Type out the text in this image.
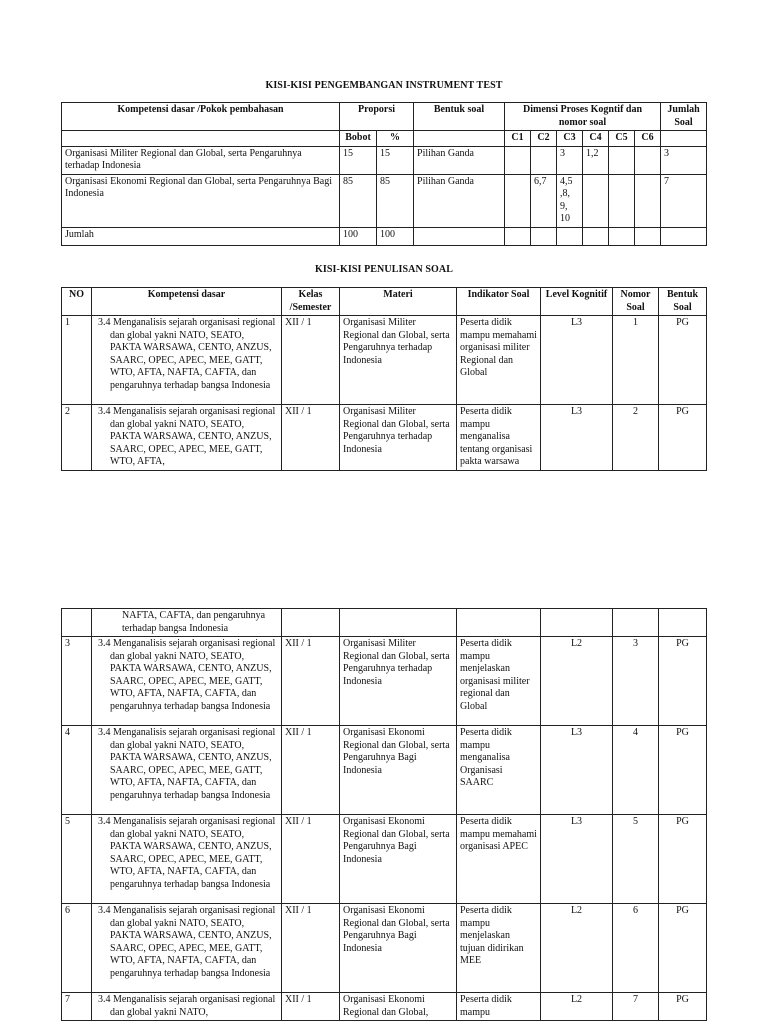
KISI-KISI PENGEMBANGAN INSTRUMENT TEST
Kompetensi dasar /Pokok pembahasan	Proporsi		Bentuk soal	Dimensi Proses Kogntif dan nomor soal						Jumlah Soal
	Bobot	%		C1	C2	C3	C4	C5	C6	
Organisasi Militer Regional dan Global, serta Pengaruhnya terhadap Indonesia	15	15	Pilihan Ganda			3	1,2			3
Organisasi Ekonomi Regional dan Global, serta Pengaruhnya Bagi Indonesia	85	85	Pilihan Ganda		6,7	4,5 ,8, 9, 10				7
Jumlah	100	100								
KISI-KISI PENULISAN SOAL
NO	Kompetensi dasar	Kelas /Semester	Materi	Indikator Soal	Level Kognitif	Nomor Soal	Bentuk Soal
1	3.4 Menganalisis sejarah organisasi regional dan global yakni NATO, SEATO, PAKTA WARSAWA, CENTO, ANZUS, SAARC, OPEC, APEC, MEE, GATT, WTO, AFTA, NAFTA, CAFTA, dan pengaruhnya terhadap bangsa Indonesia	XII / 1	Organisasi Militer Regional dan Global, serta Pengaruhnya terhadap Indonesia	Peserta didik mampu memahami organisasi militer Regional dan Global	L3	1	PG
2	3.4 Menganalisis sejarah organisasi regional dan global yakni NATO, SEATO, PAKTA WARSAWA, CENTO, ANZUS, SAARC, OPEC, APEC, MEE, GATT, WTO, AFTA,	XII / 1	Organisasi Militer Regional dan Global, serta Pengaruhnya terhadap Indonesia	Peserta didik mampu menganalisa tentang organisasi pakta warsawa	L3	2	PG
	NAFTA, CAFTA, dan pengaruhnya terhadap bangsa Indonesia						
3	3.4 Menganalisis sejarah organisasi regional dan global yakni NATO, SEATO, PAKTA WARSAWA, CENTO, ANZUS, SAARC, OPEC, APEC, MEE, GATT, WTO, AFTA, NAFTA, CAFTA, dan pengaruhnya terhadap bangsa Indonesia	XII / 1	Organisasi Militer Regional dan Global, serta Pengaruhnya terhadap Indonesia	Peserta didik mampu menjelaskan organisasi militer regional dan Global	L2	3	PG
4	3.4 Menganalisis sejarah organisasi regional dan global yakni NATO, SEATO, PAKTA WARSAWA, CENTO, ANZUS, SAARC, OPEC, APEC, MEE, GATT, WTO, AFTA, NAFTA, CAFTA, dan pengaruhnya terhadap bangsa Indonesia	XII / 1	Organisasi Ekonomi Regional dan Global, serta Pengaruhnya Bagi Indonesia	Peserta didik mampu menganalisa Organisasi SAARC	L3	4	PG
5	3.4 Menganalisis sejarah organisasi regional dan global yakni NATO, SEATO, PAKTA WARSAWA, CENTO, ANZUS, SAARC, OPEC, APEC, MEE, GATT, WTO, AFTA, NAFTA, CAFTA, dan pengaruhnya terhadap bangsa Indonesia	XII / 1	Organisasi Ekonomi Regional dan Global, serta Pengaruhnya Bagi Indonesia	Peserta didik mampu memahami organisasi APEC	L3	5	PG
6	3.4 Menganalisis sejarah organisasi regional dan global yakni NATO, SEATO, PAKTA WARSAWA, CENTO, ANZUS, SAARC, OPEC, APEC, MEE, GATT, WTO, AFTA, NAFTA, CAFTA, dan pengaruhnya terhadap bangsa Indonesia	XII / 1	Organisasi Ekonomi Regional dan Global, serta Pengaruhnya Bagi Indonesia	Peserta didik mampu menjelaskan tujuan didirikan MEE	L2	6	PG
7	3.4 Menganalisis sejarah organisasi regional dan global yakni NATO,	XII / 1	Organisasi Ekonomi Regional dan Global,	Peserta didik mampu	L2	7	PG
